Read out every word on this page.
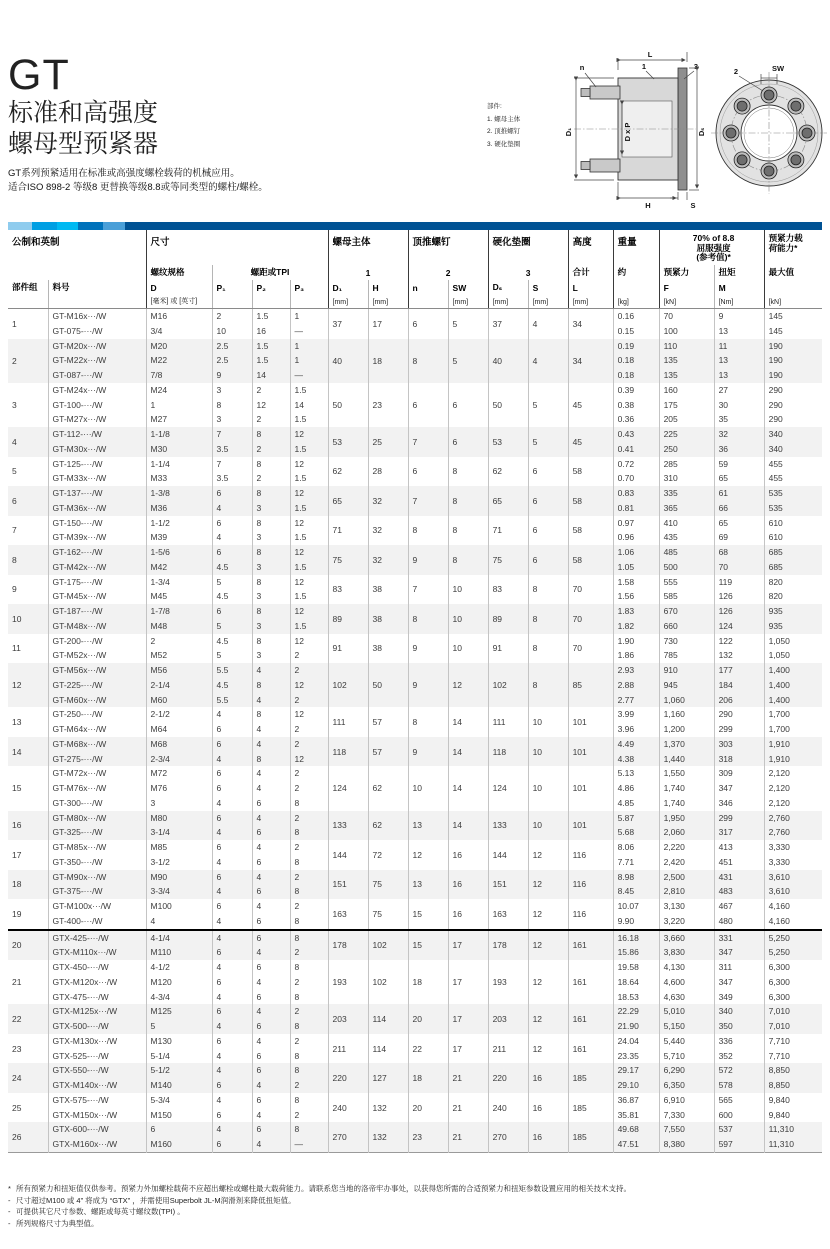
GT
标准和高强度
螺母型预紧器
GT系列预紧适用在标准或高强度螺栓载荷的机械应用。
适合ISO 898-2 等级8 更替换等级8.8或等同类型的螺柱/螺栓。
部件:
1. 螺母主体
2. 顶推螺钉
3. 硬化垫圈
L
n	1	3
D₁	D x P	Dₛ
H	S
2	SW
公制和英制	尺寸	螺母主体	顶推螺钉	硬化垫圈	高度	重量	70% of 8.8
屈服强度
(参考值)*

预紧力载
荷能力*

		螺纹规格	螺距或TPI			1		2		3		合计	约	预紧力	扭矩	最大值
部件组	料号	D	P₁	P₂	P₃	D₁	H	n	SW	Dₛ	S	L		F	M	
		[毫米] 或 [英寸]				[mm]	[mm]		[mm]	[mm]	[mm]	[mm]	[kg]	[kN]	[Nm]	[kN]
1	GT-M16x···/W	M16	2	1.5	1	37	17	6	5	37	4	34	0.16	70	9	145
	GT-075-···/W	3/4	10	16	—								0.15	100	13	145
2	GT-M20x···/W	M20	2.5	1.5	1	40	18	8	5	40	4	34	0.19	110	11	190
	GT-M22x···/W	M22	2.5	1.5	1								0.18	135	13	190
	GT-087-···/W	7/8	9	14	—								0.18	135	13	190
3	GT-M24x···/W	M24	3	2	1.5	50	23	6	6	50	5	45	0.39	160	27	290
	GT-100-···/W	1	8	12	14								0.38	175	30	290
	GT-M27x···/W	M27	3	2	1.5								0.36	205	35	290
4	GT-112-···/W	1-1/8	7	8	12	53	25	7	6	53	5	45	0.43	225	32	340
	GT-M30x···/W	M30	3.5	2	1.5								0.41	250	36	340
5	GT-125-···/W	1-1/4	7	8	12	62	28	6	8	62	6	58	0.72	285	59	455
	GT-M33x···/W	M33	3.5	2	1.5								0.70	310	65	455
6	GT-137-···/W	1-3/8	6	8	12	65	32	7	8	65	6	58	0.83	335	61	535
	GT-M36x···/W	M36	4	3	1.5								0.81	365	66	535
7	GT-150-···/W	1-1/2	6	8	12	71	32	8	8	71	6	58	0.97	410	65	610
	GT-M39x···/W	M39	4	3	1.5								0.96	435	69	610
8	GT-162-···/W	1-5/6	6	8	12	75	32	9	8	75	6	58	1.06	485	68	685
	GT-M42x···/W	M42	4.5	3	1.5								1.05	500	70	685
9	GT-175-···/W	1-3/4	5	8	12	83	38	7	10	83	8	70	1.58	555	119	820
	GT-M45x···/W	M45	4.5	3	1.5								1.56	585	126	820
10	GT-187-···/W	1-7/8	6	8	12	89	38	8	10	89	8	70	1.83	670	126	935
	GT-M48x···/W	M48	5	3	1.5								1.82	660	124	935
11	GT-200-···/W	2	4.5	8	12	91	38	9	10	91	8	70	1.90	730	122	1,050
	GT-M52x···/W	M52	5	3	2								1.86	785	132	1,050
12	GT-M56x···/W	M56	5.5	4	2	102	50	9	12	102	8	85	2.93	910	177	1,400
	GT-225-···/W	2-1/4	4.5	8	12								2.88	945	184	1,400
	GT-M60x···/W	M60	5.5	4	2								2.77	1,060	206	1,400
13	GT-250-···/W	2-1/2	4	8	12	111	57	8	14	111	10	101	3.99	1,160	290	1,700
	GT-M64x···/W	M64	6	4	2								3.96	1,200	299	1,700
14	GT-M68x···/W	M68	6	4	2	118	57	9	14	118	10	101	4.49	1,370	303	1,910
	GT-275-···/W	2-3/4	4	8	12								4.38	1,440	318	1,910
15	GT-M72x···/W	M72	6	4	2	124	62	10	14	124	10	101	5.13	1,550	309	2,120
	GT-M76x···/W	M76	6	4	2								4.86	1,740	347	2,120
	GT-300-···/W	3	4	6	8								4.85	1,740	346	2,120
16	GT-M80x···/W	M80	6	4	2	133	62	13	14	133	10	101	5.87	1,950	299	2,760
	GT-325-···/W	3-1/4	4	6	8								5.68	2,060	317	2,760
17	GT-M85x···/W	M85	6	4	2	144	72	12	16	144	12	116	8.06	2,220	413	3,330
	GT-350-···/W	3-1/2	4	6	8								7.71	2,420	451	3,330
18	GT-M90x···/W	M90	6	4	2	151	75	13	16	151	12	116	8.98	2,500	431	3,610
	GT-375-···/W	3-3/4	4	6	8								8.45	2,810	483	3,610
19	GT-M100x···/W	M100	6	4	2	163	75	15	16	163	12	116	10.07	3,130	467	4,160
	GT-400-···/W	4	4	6	8								9.90	3,220	480	4,160
20	GTX-425-···/W	4-1/4	4	6	8	178	102	15	17	178	12	161	16.18	3,660	331	5,250
	GTX-M110x···/W	M110	6	4	2								15.86	3,830	347	5,250
21	GTX-450-···/W	4-1/2	4	6	8	193	102	18	17	193	12	161	19.58	4,130	311	6,300
	GTX-M120x···/W	M120	6	4	2								18.64	4,600	347	6,300
	GTX-475-···/W	4-3/4	4	6	8								18.53	4,630	349	6,300
22	GTX-M125x···/W	M125	6	4	2	203	114	20	17	203	12	161	22.29	5,010	340	7,010
	GTX-500-···/W	5	4	6	8								21.90	5,150	350	7,010
23	GTX-M130x···/W	M130	6	4	2	211	114	22	17	211	12	161	24.04	5,440	336	7,710
	GTX-525-···/W	5-1/4	4	6	8								23.35	5,710	352	7,710
24	GTX-550-···/W	5-1/2	4	6	8	220	127	18	21	220	16	185	29.17	6,290	572	8,850
	GTX-M140x···/W	M140	6	4	2								29.10	6,350	578	8,850
25	GTX-575-···/W	5-3/4	4	6	8	240	132	20	21	240	16	185	36.87	6,910	565	9,840
	GTX-M150x···/W	M150	6	4	2								35.81	7,330	600	9,840
26	GTX-600-···/W	6	4	6	8	270	132	23	21	270	16	185	49.68	7,550	537	11,310
	GTX-M160x···/W	M160	6	4	—								47.51	8,380	597	11,310
* 所有预紧力和扭矩值仅供参考。预紧力外加螺栓载荷不应超出螺栓或螺柱最大载荷能力。请联系您当地的洛帝牢办事处，以获得您所需的合适预紧力和扭矩参数设置应用的相关技术支持。
- 尺寸超过M100 或 4” 将成为 “GTX” ，并需使用Superbolt JL-M润滑剂来降低扭矩值。
- 可提供其它尺寸参数、螺距或每英寸螺纹数(TPI) 。
- 所列规格尺寸为典型值。
